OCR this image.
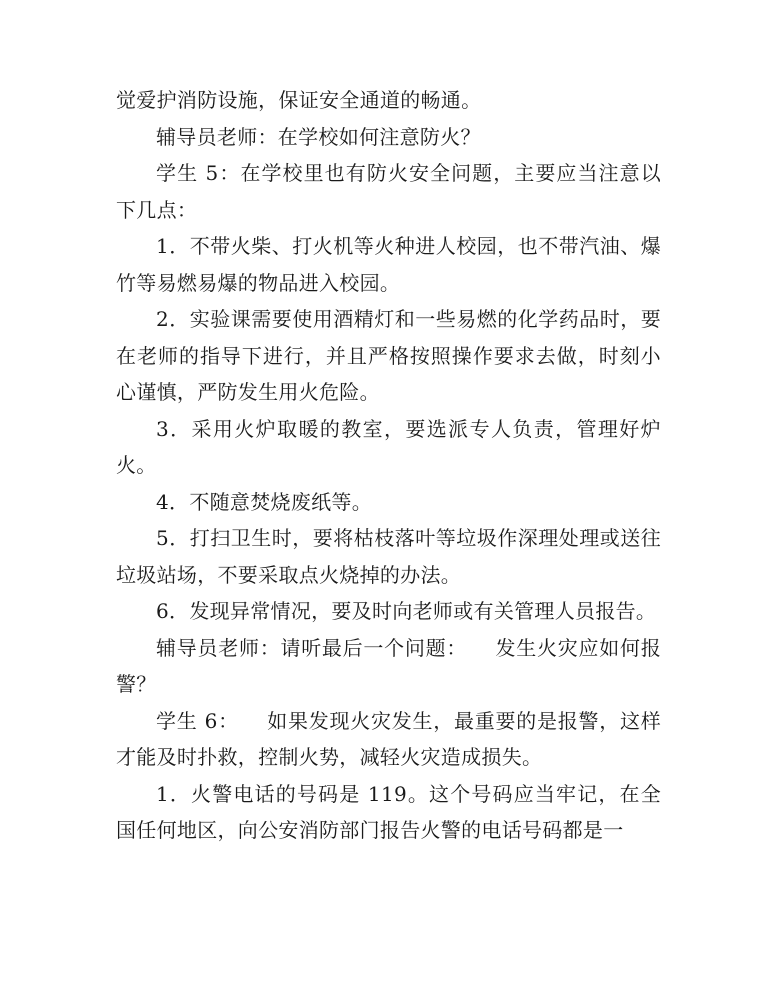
觉爱护消防设施，保证安全通道的畅通。

辅导员老师：在学校如何注意防火？

学生 5：在学校里也有防火安全问题，主要应当注意以下几点：

1．不带火柴、打火机等火种进人校园，也不带汽油、爆竹等易燃易爆的物品进入校园。

2．实验课需要使用酒精灯和一些易燃的化学药品时，要在老师的指导下进行，并且严格按照操作要求去做，时刻小心谨慎，严防发生用火危险。

3．采用火炉取暖的教室，要选派专人负责，管理好炉火。

4．不随意焚烧废纸等。

5．打扫卫生时，要将枯枝落叶等垃圾作深理处理或送往垃圾站场，不要采取点火烧掉的办法。

6．发现异常情况，要及时向老师或有关管理人员报告。

辅导员老师：请听最后一个问题：    发生火灾应如何报警？

学生 6：    如果发现火灾发生，最重要的是报警，这样才能及时扑救，控制火势，减轻火灾造成损失。

1．火警电话的号码是 119。这个号码应当牢记，在全国任何地区，向公安消防部门报告火警的电话号码都是一
